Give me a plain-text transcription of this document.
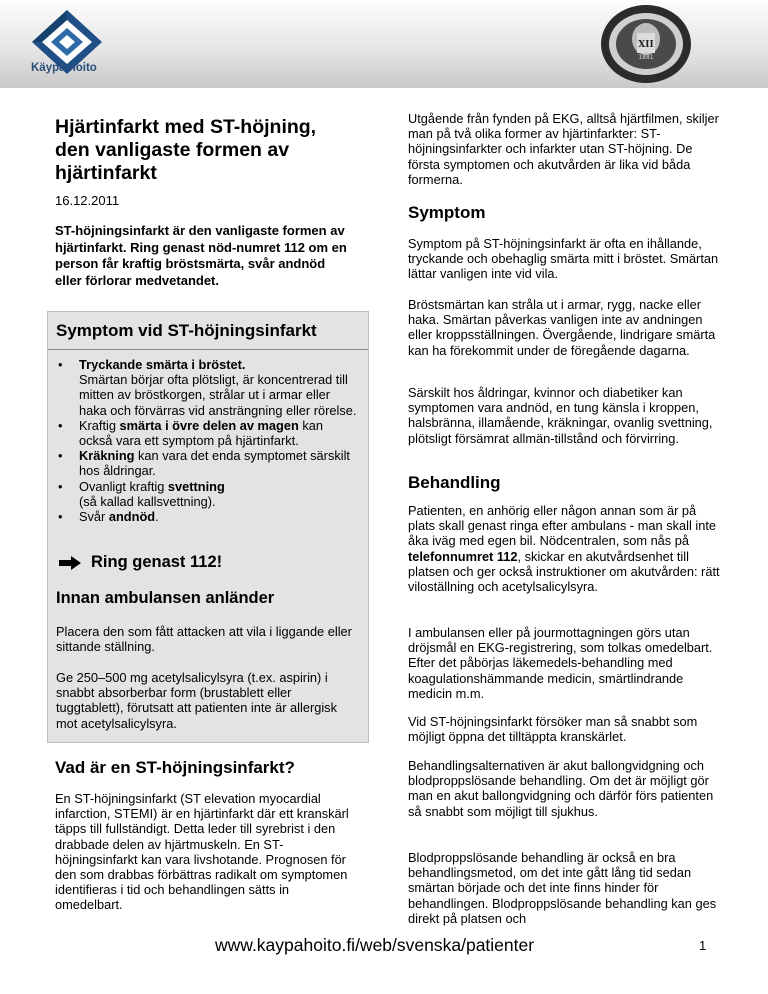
Käypä hoito
XII
1881
Hjärtinfarkt med ST-höjning, den vanligaste formen av hjärtinfarkt
16.12.2011
ST-höjningsinfarkt är den vanligaste formen av hjärtinfarkt. Ring genast nöd-numret 112 om en person får kraftig bröstsmärta, svår andnöd eller förlorar medvetandet.
Symptom vid ST-höjningsinfarkt
• Tryckande smärta i bröstet.
Smärtan börjar ofta plötsligt, är koncentrerad till mitten av bröstkorgen, strålar ut i armar eller haka och förvärras vid ansträngning eller rörelse.
• Kraftig smärta i övre delen av magen kan också vara ett symptom på hjärtinfarkt.
• Kräkning kan vara det enda symptomet särskilt hos åldringar.
• Ovanligt kraftig svettning
(så kallad kallsvettning).
• Svår andnöd.
Ring genast 112!
Innan ambulansen anländer
Placera den som fått attacken att vila i liggande eller sittande ställning.
Ge 250–500 mg acetylsalicylsyra (t.ex. aspirin) i snabbt absorberbar form (brustablett eller tuggtablett), förutsatt att patienten inte är allergisk mot acetylsalicylsyra.
Vad är en ST-höjningsinfarkt?
En ST-höjningsinfarkt (ST elevation myocardial infarction, STEMI) är en hjärtinfarkt där ett kranskärl täpps till fullständigt. Detta leder till syrebrist i den drabbade delen av hjärtmuskeln. En ST-höjningsinfarkt kan vara livshotande. Prognosen för den som drabbas förbättras radikalt om symptomen identifieras i tid och behandlingen sätts in omedelbart.
Utgående från fynden på EKG, alltså hjärtfilmen, skiljer man på två olika former av hjärtinfarkter: ST-höjningsinfarkter och infarkter utan ST-höjning. De första symptomen och akutvården är lika vid båda formerna.
Symptom
Symptom på ST-höjningsinfarkt är ofta en ihållande, tryckande och obehaglig smärta mitt i bröstet. Smärtan lättar vanligen inte vid vila.
Bröstsmärtan kan stråla ut i armar, rygg, nacke eller haka. Smärtan påverkas vanligen inte av andningen eller kroppsställningen. Övergående, lindrigare smärta kan ha förekommit under de föregående dagarna.
Särskilt hos åldringar, kvinnor och diabetiker kan symptomen vara andnöd, en tung känsla i kroppen, halsbränna, illamående, kräkningar, ovanlig svettning, plötsligt försämrat allmän-tillstånd och förvirring.
Behandling
Patienten, en anhörig eller någon annan som är på plats skall genast ringa efter ambulans - man skall inte åka iväg med egen bil. Nödcentralen, som nås på telefonnumret 112, skickar en akutvårdsenhet till platsen och ger också instruktioner om akutvården: rätt viloställning och acetylsalicylsyra.
I ambulansen eller på jourmottagningen görs utan dröjsmål en EKG-registrering, som tolkas omedelbart. Efter det påbörjas läkemedels-behandling med koagulationshämmande medicin, smärtlindrande medicin m.m.
Vid ST-höjningsinfarkt försöker man så snabbt som möjligt öppna det tilltäppta kranskärlet.
Behandlingsalternativen är akut ballongvidgning och blodproppslösande behandling. Om det är möjligt gör man en akut ballongvidgning och därför förs patienten så snabbt som möjligt till sjukhus.
Blodproppslösande behandling är också en bra behandlingsmetod, om det inte gått lång tid sedan smärtan började och det inte finns hinder för behandlingen. Blodproppslösande behandling kan ges direkt på platsen och
www.kaypahoito.fi/web/svenska/patienter	1
